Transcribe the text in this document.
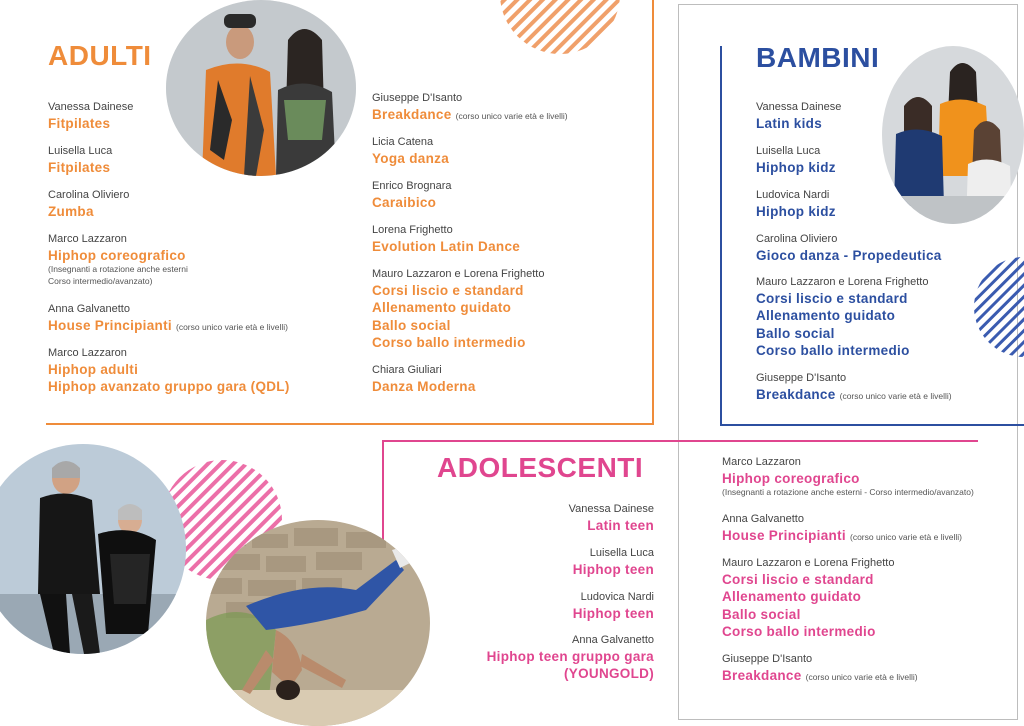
ADULTI	BAMBINI
ADOLESCENTI
Vanessa Dainese
Fitpilates
Luisella Luca
Fitpilates
Carolina Oliviero
Zumba
Marco Lazzaron
Hiphop coreografico
(Insegnanti a rotazione anche esterni
Corso intermedio/avanzato)
Anna Galvanetto
House Principianti (corso unico varie età e livelli)
Marco Lazzaron
Hiphop adulti
Hiphop avanzato gruppo gara (QDL)
Giuseppe D'Isanto
Breakdance (corso unico varie età e livelli)
Licia Catena
Yoga danza
Enrico Brognara
Caraibico
Lorena Frighetto
Evolution Latin Dance
Mauro Lazzaron e Lorena Frighetto
Corsi liscio e standard
Allenamento guidato
Ballo social
Corso ballo intermedio
Chiara Giuliari
Danza Moderna
Vanessa Dainese
Latin kids
Luisella Luca
Hiphop kidz
Ludovica Nardi
Hiphop kidz
Carolina Oliviero
Gioco danza - Propedeutica
Mauro Lazzaron e Lorena Frighetto
Corsi liscio e standard
Allenamento guidato
Ballo social
Corso ballo intermedio
Giuseppe D'Isanto
Breakdance (corso unico varie età e livelli)
Vanessa Dainese
Latin teen
Luisella Luca
Hiphop teen
Ludovica Nardi
Hiphop teen
Anna Galvanetto
Hiphop teen gruppo gara
(YOUNGOLD)
Marco Lazzaron
Hiphop coreografico
(Insegnanti a rotazione anche esterni - Corso intermedio/avanzato)
Anna Galvanetto
House Principianti (corso unico varie età e livelli)
Mauro Lazzaron e Lorena Frighetto
Corsi liscio e standard
Allenamento guidato
Ballo social
Corso ballo intermedio
Giuseppe D'Isanto
Breakdance (corso unico varie età e livelli)
